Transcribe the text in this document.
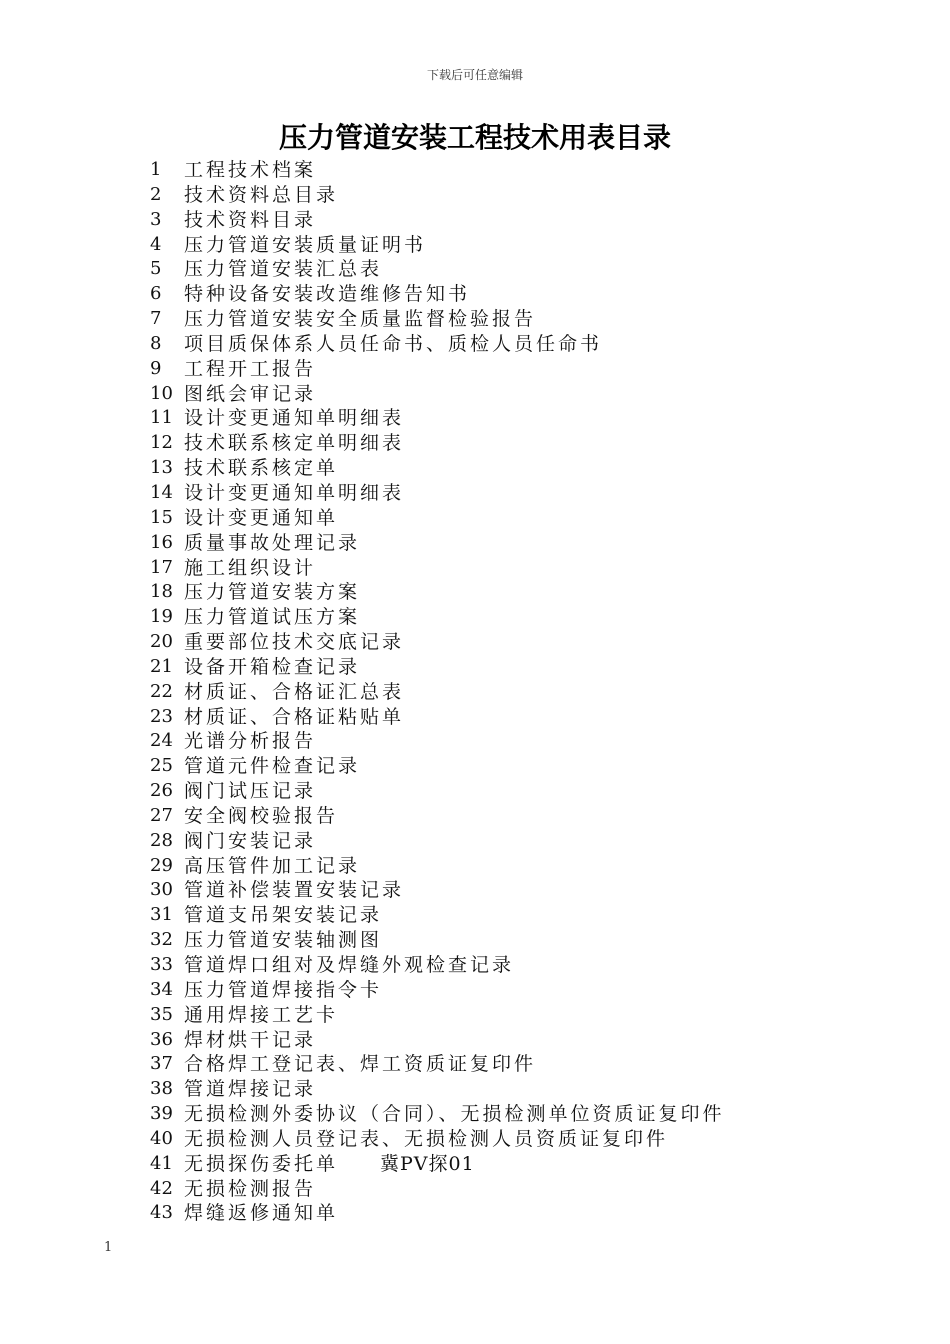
下载后可任意编辑
压力管道安装工程技术用表目录
1	工程技术档案
2	技术资料总目录
3	技术资料目录
4	压力管道安装质量证明书
5	压力管道安装汇总表
6	特种设备安装改造维修告知书
7	压力管道安装安全质量监督检验报告
8	项目质保体系人员任命书、质检人员任命书
9	工程开工报告
10 图纸会审记录
11 设计变更通知单明细表
12 技术联系核定单明细表
13 技术联系核定单
14 设计变更通知单明细表
15 设计变更通知单
16 质量事故处理记录
17 施工组织设计
18 压力管道安装方案
19 压力管道试压方案
20 重要部位技术交底记录
21 设备开箱检查记录
22 材质证、合格证汇总表
23 材质证、合格证粘贴单
24 光谱分析报告
25 管道元件检查记录
26 阀门试压记录
27 安全阀校验报告
28 阀门安装记录
29 高压管件加工记录
30 管道补偿装置安装记录
31 管道支吊架安装记录
32 压力管道安装轴测图
33 管道焊口组对及焊缝外观检查记录
34 压力管道焊接指令卡
35 通用焊接工艺卡
36 焊材烘干记录
37 合格焊工登记表、焊工资质证复印件
38 管道焊接记录
39 无损检测外委协议（合同）、无损检测单位资质证复印件
40 无损检测人员登记表、无损检测人员资质证复印件
41 无损探伤委托单 冀PV探01
42 无损检测报告
43 焊缝返修通知单
1
